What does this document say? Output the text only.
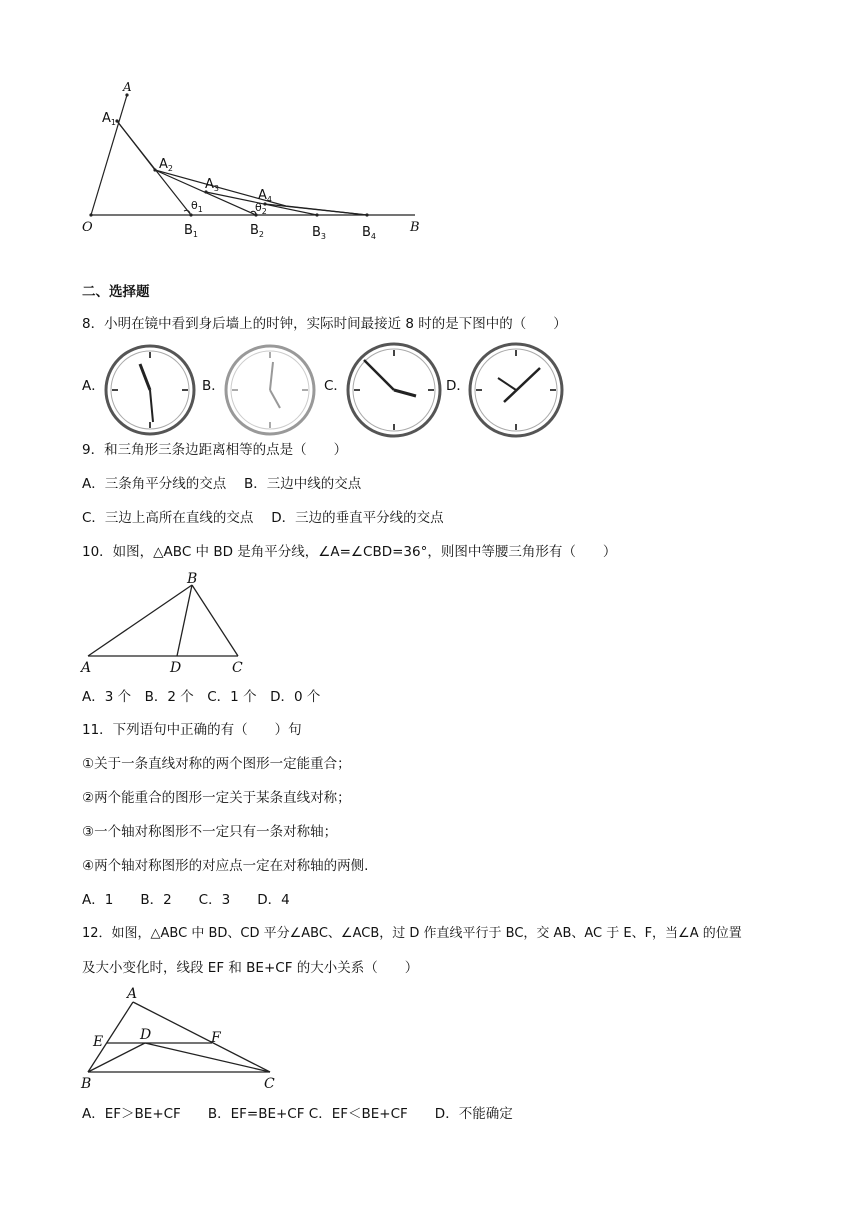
A
$A_1$
$A_2$
$A_3$	$A_4$
$\theta_1$	$\theta_2$
O	B
$B_1$	$B_2$	$B_3$	$B_4$
二、选择题
8．小明在镜中看到身后墙上的时钟，实际时间最接近 8 时的是下图中的（　　）
A．	B．	C．	D．
9．和三角形三条边距离相等的点是（　　）
A．三条角平分线的交点　 B．三边中线的交点
C．三边上高所在直线的交点　 D．三边的垂直平分线的交点
10．如图，△ABC 中 BD 是角平分线，∠A=∠CBD=36°，则图中等腰三角形有（　　）
B
A	D	C
A．3 个　B．2 个　C．1 个　D．0 个
11．下列语句中正确的有（　　）句
①关于一条直线对称的两个图形一定能重合；
②两个能重合的图形一定关于某条直线对称；
③一个轴对称图形不一定只有一条对称轴；
④两个轴对称图形的对应点一定在对称轴的两侧.
A．1　　B．2　　C．3　　D．4
12．如图，△ABC 中 BD、CD 平分∠ABC、∠ACB，过 D 作直线平行于 BC，交 AB、AC 于 E、F，当∠A 的位置
及大小变化时，线段 EF 和 BE+CF 的大小关系（　　）
A
E	D	F
B	C
A．EF＞BE+CF　　B．EF=BE+CF C．EF＜BE+CF　　D．不能确定
